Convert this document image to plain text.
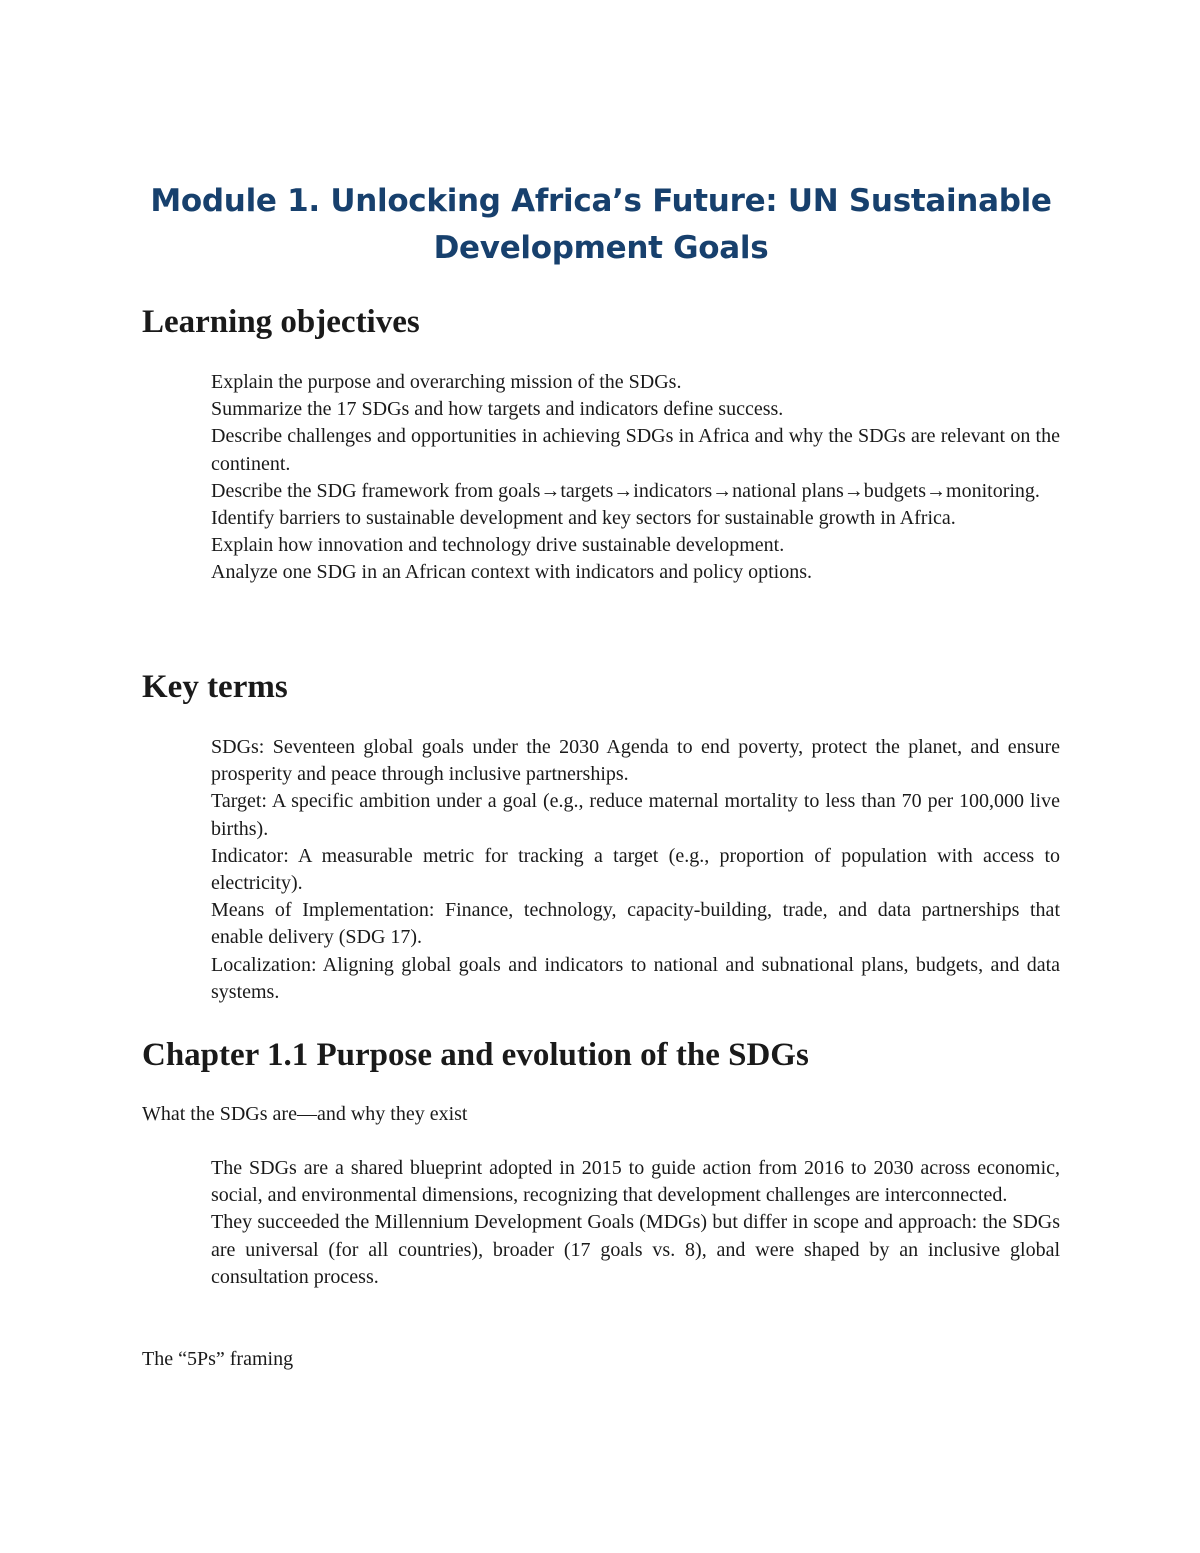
Module 1. Unlocking Africa’s Future: UN Sustainable
Development Goals
Learning objectives
Explain the purpose and overarching mission of the SDGs.
Summarize the 17 SDGs and how targets and indicators define success.
Describe challenges and opportunities in achieving SDGs in Africa and why the SDGs are relevant on the continent.
Describe the SDG framework from goals→targets→indicators→national plans→budgets→monitoring.
Identify barriers to sustainable development and key sectors for sustainable growth in Africa.
Explain how innovation and technology drive sustainable development.
Analyze one SDG in an African context with indicators and policy options.
Key terms
SDGs: Seventeen global goals under the 2030 Agenda to end poverty, protect the planet, and ensure prosperity and peace through inclusive partnerships.
Target: A specific ambition under a goal (e.g., reduce maternal mortality to less than 70 per 100,000 live births).
Indicator: A measurable metric for tracking a target (e.g., proportion of population with access to electricity).
Means of Implementation: Finance, technology, capacity-building, trade, and data partnerships that enable delivery (SDG 17).
Localization: Aligning global goals and indicators to national and subnational plans, budgets, and data systems.
Chapter 1.1 Purpose and evolution of the SDGs

What the SDGs are—and why they exist

The SDGs are a shared blueprint adopted in 2015 to guide action from 2016 to 2030 across economic, social, and environmental dimensions, recognizing that development challenges are interconnected.
They succeeded the Millennium Development Goals (MDGs) but differ in scope and approach: the SDGs are universal (for all countries), broader (17 goals vs. 8), and were shaped by an inclusive global consultation process.

The “5Ps” framing
